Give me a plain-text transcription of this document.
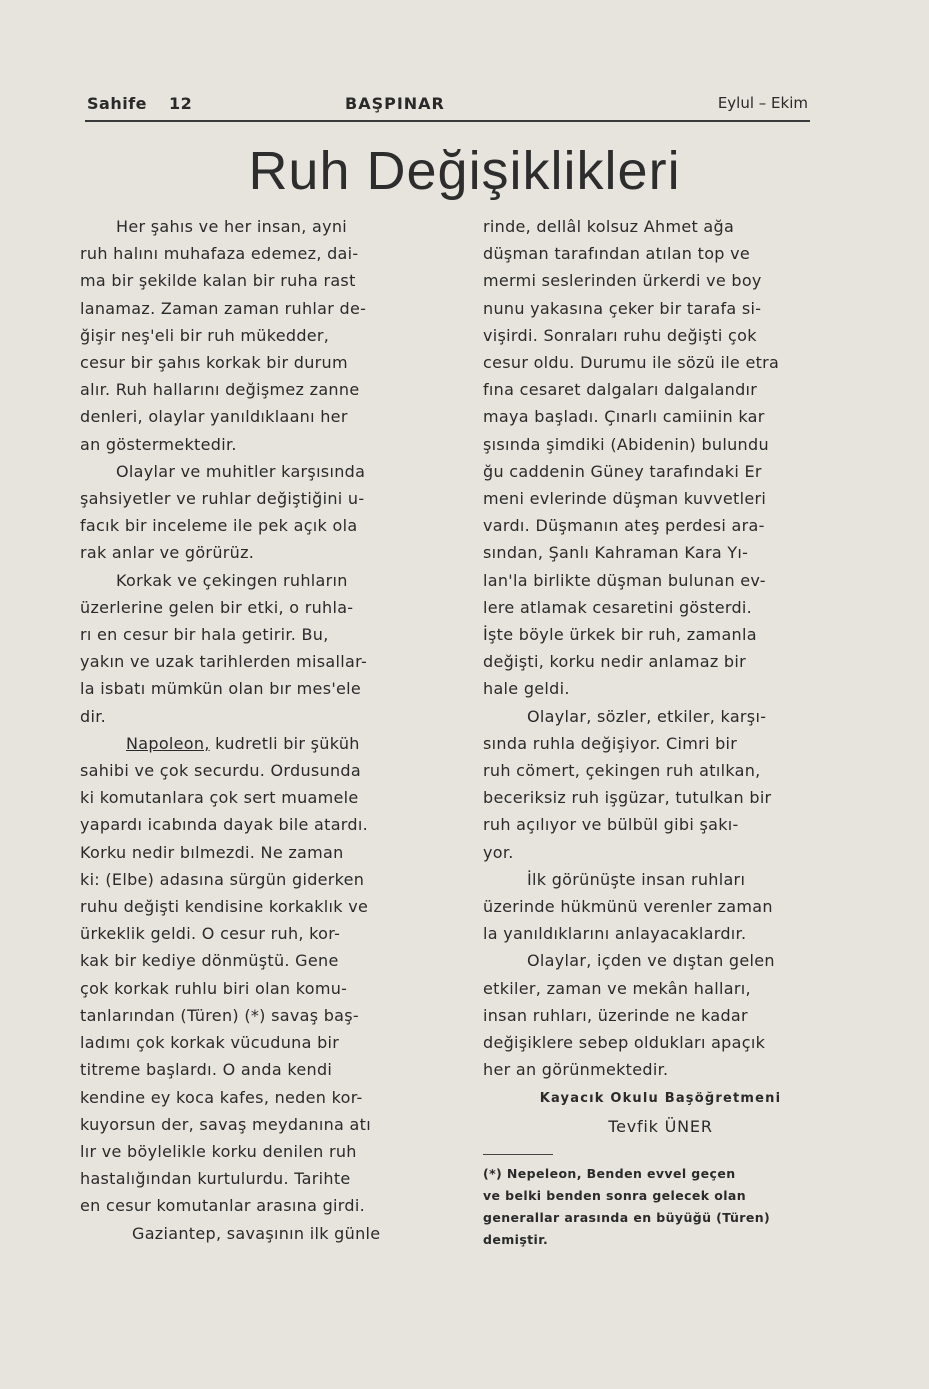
Sahife 12	BAŞPINAR	Eylul – Ekim
Ruh Değişiklikleri

Her şahıs ve her insan, ayni
ruh halını muhafaza edemez, dai-
ma bir şekilde kalan bir ruha rast
lanamaz. Zaman zaman ruhlar de-
ğişir neş'eli bir ruh mükedder,
cesur bir şahıs korkak bir durum
alır. Ruh hallarını değişmez zanne
denleri, olaylar yanıldıklaanı her
an göstermektedir.

Olaylar ve muhitler karşısında
şahsiyetler ve ruhlar değiştiğini u-
facık bir inceleme ile pek açık ola
rak anlar ve görürüz.

Korkak ve çekingen ruhların
üzerlerine gelen bir etki, o ruhla-
rı en cesur bir hala getirir. Bu,
yakın ve uzak tarihlerden misallar-
la isbatı mümkün olan bır mes'ele
dir.

Napoleon, kudretli bir şüküh
sahibi ve çok securdu. Ordusunda
ki komutanlara çok sert muamele
yapardı icabında dayak bile atardı.
Korku nedir bılmezdi. Ne zaman
ki: (Elbe) adasına sürgün giderken
ruhu değişti kendisine korkaklık ve
ürkeklik geldi. O cesur ruh, kor-
kak bir kediye dönmüştü. Gene
çok korkak ruhlu biri olan komu-
tanlarından (Türen) (*) savaş baş-
ladımı çok korkak vücuduna bir
titreme başlardı. O anda kendi
kendine ey koca kafes, neden kor-
kuyorsun der, savaş meydanına atı
lır ve böylelikle korku denilen ruh
hastalığından kurtulurdu. Tarihte
en cesur komutanlar arasına girdi.

Gaziantep, savaşının ilk günle

rinde, dellâl kolsuz Ahmet ağa
düşman tarafından atılan top ve
mermi seslerinden ürkerdi ve boy
nunu yakasına çeker bir tarafa si-
vişirdi. Sonraları ruhu değişti çok
cesur oldu. Durumu ile sözü ile etra
fına cesaret dalgaları dalgalandır
maya başladı. Çınarlı camiinin kar
şısında şimdiki (Abidenin) bulundu
ğu caddenin Güney tarafındaki Er
meni evlerinde düşman kuvvetleri
vardı. Düşmanın ateş perdesi ara-
sından, Şanlı Kahraman Kara Yı-
lan'la birlikte düşman bulunan ev-
lere atlamak cesaretini gösterdi.
İşte böyle ürkek bir ruh, zamanla
değişti, korku nedir anlamaz bir
hale geldi.

Olaylar, sözler, etkiler, karşı-
sında ruhla değişiyor. Cimri bir
ruh cömert, çekingen ruh atılkan,
beceriksiz ruh işgüzar, tutulkan bir
ruh açılıyor ve bülbül gibi şakı-
yor.

İlk görünüşte insan ruhları
üzerinde hükmünü verenler zaman
la yanıldıklarını anlayacaklardır.

Olaylar, içden ve dıştan gelen
etkiler, zaman ve mekân halları,
insan ruhları, üzerinde ne kadar
değişiklere sebep oldukları apaçık
her an görünmektedir.

Kayacık Okulu Başöğretmeni
Tevfik ÜNER

(*) Nepeleon, Benden evvel geçen
ve belki benden sonra gelecek olan
generallar arasında en büyüğü (Türen)
demiştir.
